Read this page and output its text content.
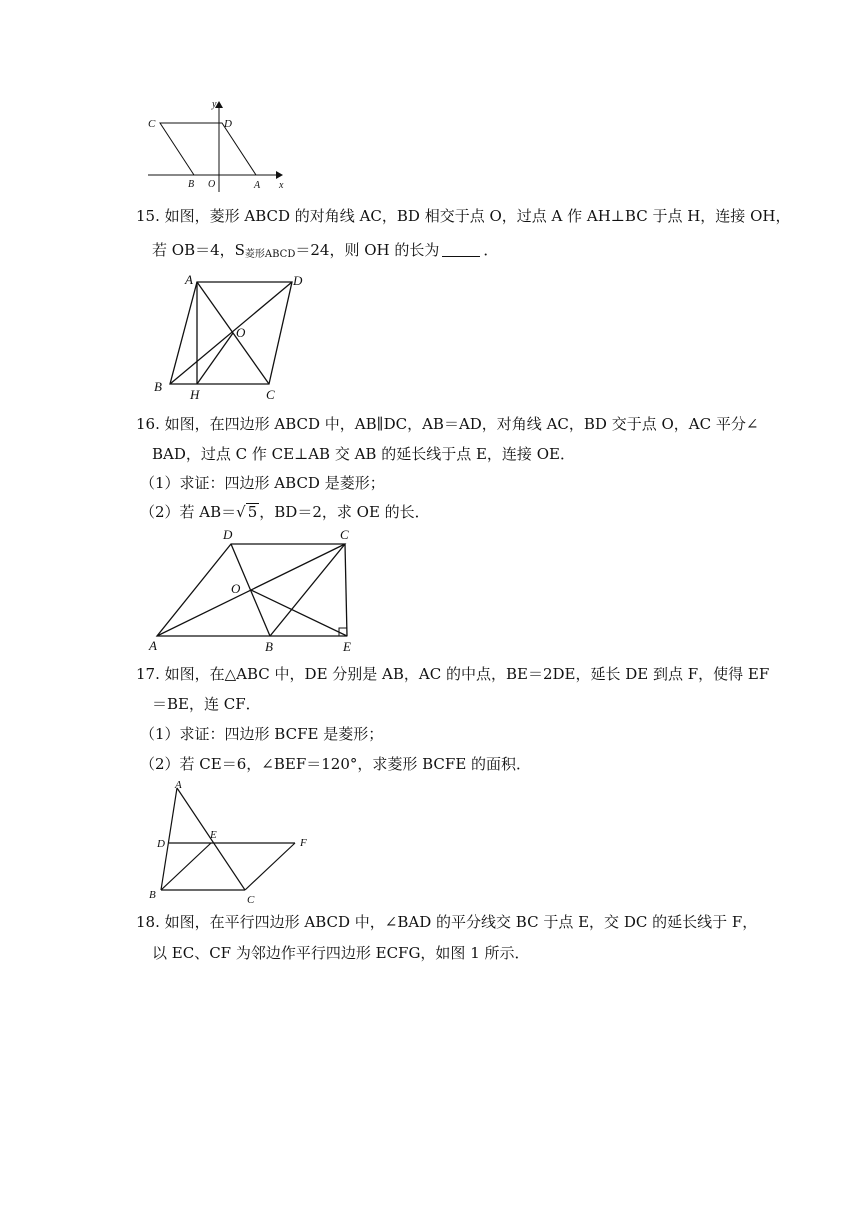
C	D
B O	A x
y
15. 如图，菱形 ABCD 的对角线 AC，BD 相交于点 O，过点 A 作 AH⊥BC 于点 H，连接 OH，
若 OB＝4，S菱形ABCD＝24，则 OH 的长为	．
A	D
O
B
H	C
16. 如图，在四边形 ABCD 中，AB∥DC，AB＝AD，对角线 AC，BD 交于点 O，AC 平分∠
BAD，过点 C 作 CE⊥AB 交 AB 的延长线于点 E，连接 OE．
（1）求证：四边形 ABCD 是菱形；
（2）若 AB＝√ 5 ，BD＝2，求 OE 的长．
D	C
O
A	B	E
17. 如图，在△ABC 中，DE 分别是 AB，AC 的中点，BE＝2DE，延长 DE 到点 F，使得 EF
＝BE，连 CF．
（1）求证：四边形 BCFE 是菱形；
（2）若 CE＝6，∠BEF＝120°，求菱形 BCFE 的面积．
A
D
E
F
B	C
18. 如图，在平行四边形 ABCD 中，∠BAD 的平分线交 BC 于点 E，交 DC 的延长线于 F，
以 EC、CF 为邻边作平行四边形 ECFG，如图 1 所示．
